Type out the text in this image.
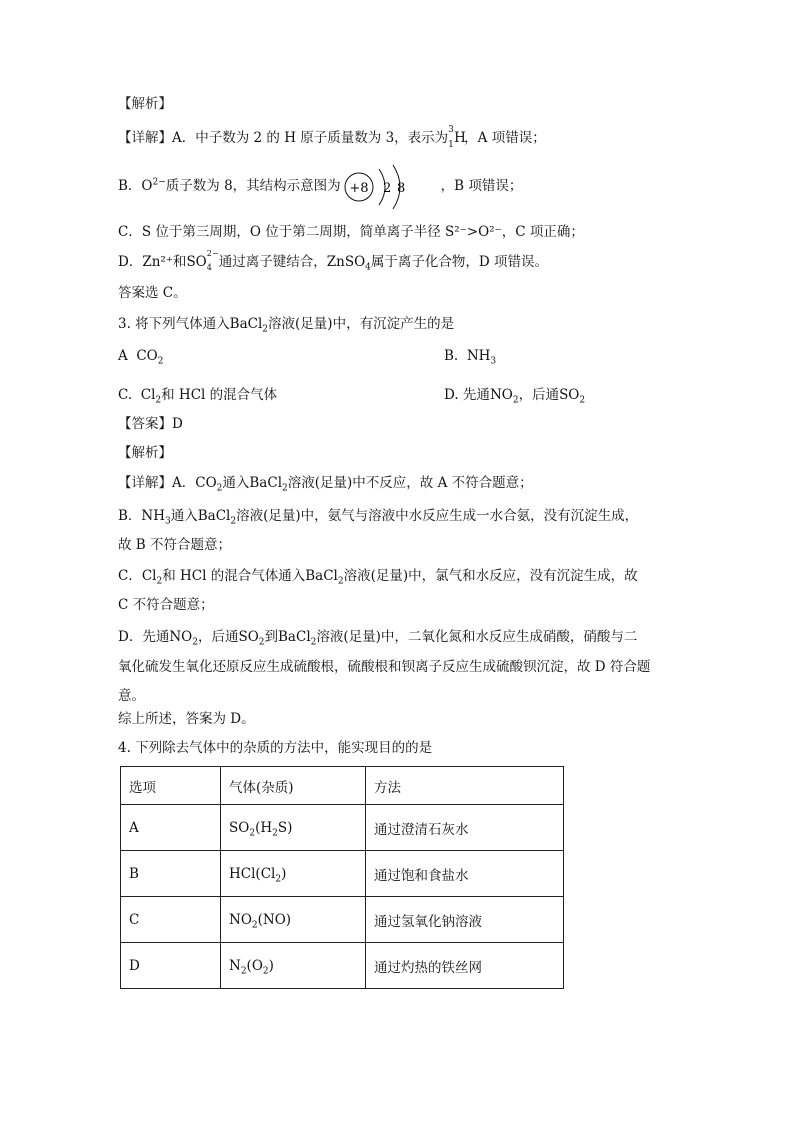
【解析】
【详解】A．中子数为 2 的 H 原子质量数为 3，表示为 3
1 H，A 项错误；
B．$O^{2-}$质子数为 8，其结构示意图为 +8 2 8	，B 项错误；
C．S 位于第三周期，O 位于第二周期，简单离子半径 S²⁻>O²⁻，C 项正确；
D．Zn²⁺和SO
2−
4 通过离子键结合，ZnSO$_4$属于离子化合物，D 项错误。
答案选 C。
3. 将下列气体通入BaCl$_2$溶液(足量)中，有沉淀产生的是
A $CO_2$	B. $NH_3$
C. $Cl_2$和 HCl 的混合气体	D. 先通$NO_2$，后通$SO_2$
【答案】D
【解析】
【详解】A．$CO_2$通入BaCl$_2$溶液(足量)中不反应，故 A 不符合题意；
B．$NH_3$通入BaCl$_2$溶液(足量)中，氨气与溶液中水反应生成一水合氨，没有沉淀生成，
故 B 不符合题意；
C．$Cl_2$和 HCl 的混合气体通入BaCl$_2$溶液(足量)中，氯气和水反应，没有沉淀生成，故
C 不符合题意；
D．先通$NO_2$，后通$SO_2$到BaCl$_2$溶液(足量)中，二氧化氮和水反应生成硝酸，硝酸与二
氧化硫发生氧化还原反应生成硫酸根，硫酸根和钡离子反应生成硫酸钡沉淀，故 D 符合题
意。
综上所述，答案为 D。
4. 下列除去气体中的杂质的方法中，能实现目的的是
选项	气体(杂质)	方法
A	$SO_2(H_2S)$	通过澄清石灰水
B	$HCl(Cl_2)$	通过饱和食盐水
C	$NO_2(NO)$	通过氢氧化钠溶液
D	$N_2(O_2)$	通过灼热的铁丝网
